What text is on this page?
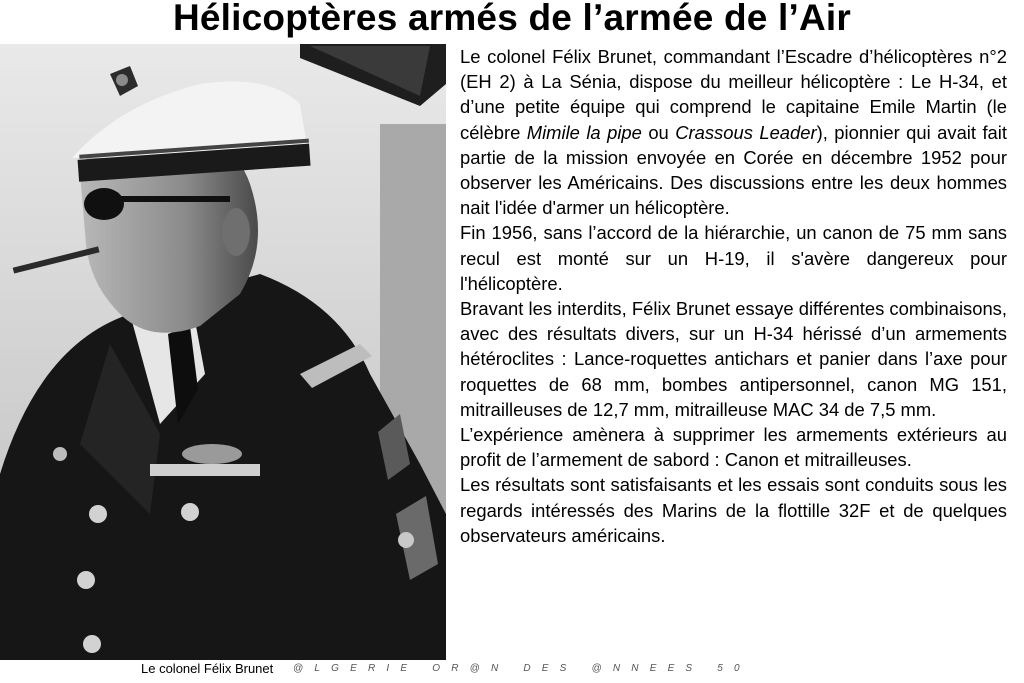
Hélicoptères armés de l’armée de l’Air

Le colonel Félix Brunet, commandant l’Escadre d’hélicoptères n°2 (EH 2) à La Sénia, dispose du meilleur hélicoptère : Le H-34, et d’une petite équipe qui comprend le capitaine Emile Martin (le célèbre Mimile la pipe ou Crassous Leader), pionnier qui avait fait partie de la mission envoyée en Corée en décembre 1952 pour observer les Américains. Des discussions entre les deux hommes nait l'idée d'armer un hélicoptère.

Fin 1956, sans l’accord de la hiérarchie, un canon de 75 mm sans recul est monté sur un H-19, il s'avère dangereux pour l'hélicoptère.

Bravant les interdits, Félix Brunet essaye différentes combinaisons, avec des résultats divers, sur un H-34 hérissé d’un armements hétéroclites : Lance-roquettes antichars et panier dans l’axe pour roquettes de 68 mm, bombes antipersonnel, canon MG 151, mitrailleuses de 12,7 mm, mitrailleuse MAC 34 de 7,5 mm.

L’expérience amènera à supprimer les armements extérieurs au profit de l’armement de sabord : Canon et mitrailleuses.

Les résultats sont satisfaisants et les essais sont conduits sous les regards intéressés des Marins de la flottille 32F et de quelques observateurs américains.

Le colonel Félix Brunet @LGERIE OR@N DES @NNEES 50
